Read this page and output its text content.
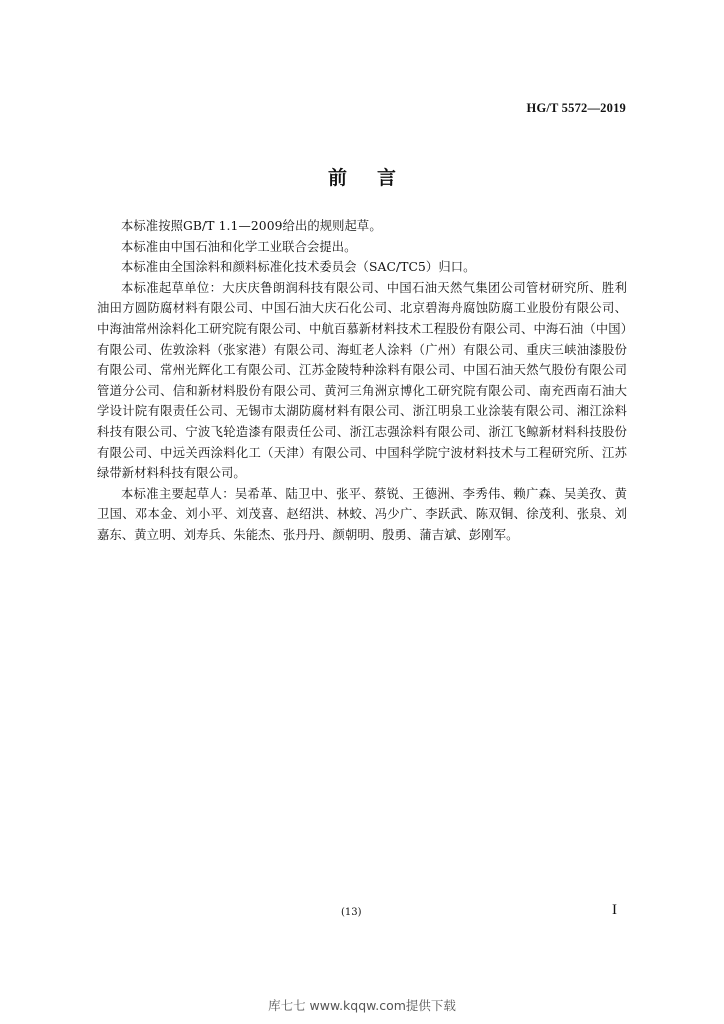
HG/T 5572—2019
前言

本标准按照GB/T 1.1—2009给出的规则起草。

本标准由中国石油和化学工业联合会提出。

本标准由全国涂料和颜料标准化技术委员会（SAC/TC5）归口。

本标准起草单位：大庆庆鲁朗润科技有限公司、中国石油天然气集团公司管材研究所、胜利油田方圆防腐材料有限公司、中国石油大庆石化公司、北京碧海舟腐蚀防腐工业股份有限公司、中海油常州涂料化工研究院有限公司、中航百慕新材料技术工程股份有限公司、中海石油（中国）有限公司、佐敦涂料（张家港）有限公司、海虹老人涂料（广州）有限公司、重庆三峡油漆股份有限公司、常州光辉化工有限公司、江苏金陵特种涂料有限公司、中国石油天然气股份有限公司管道分公司、信和新材料股份有限公司、黄河三角洲京博化工研究院有限公司、南充西南石油大学设计院有限责任公司、无锡市太湖防腐材料有限公司、浙江明泉工业涂装有限公司、湘江涂料科技有限公司、宁波飞轮造漆有限责任公司、浙江志强涂料有限公司、浙江飞鲸新材料科技股份有限公司、中远关西涂料化工（天津）有限公司、中国科学院宁波材料技术与工程研究所、江苏绿带新材料科技有限公司。

本标准主要起草人：吴希革、陆卫中、张平、蔡锐、王德洲、李秀伟、赖广森、吴美孜、黄卫国、邓本金、刘小平、刘茂喜、赵绍洪、林蛟、冯少广、李跃武、陈双铜、徐茂利、张泉、刘嘉东、黄立明、刘寿兵、朱能杰、张丹丹、颜朝明、殷勇、蒲吉斌、彭刚军。

(13)	I
库七七 www.kqqw.com提供下载
